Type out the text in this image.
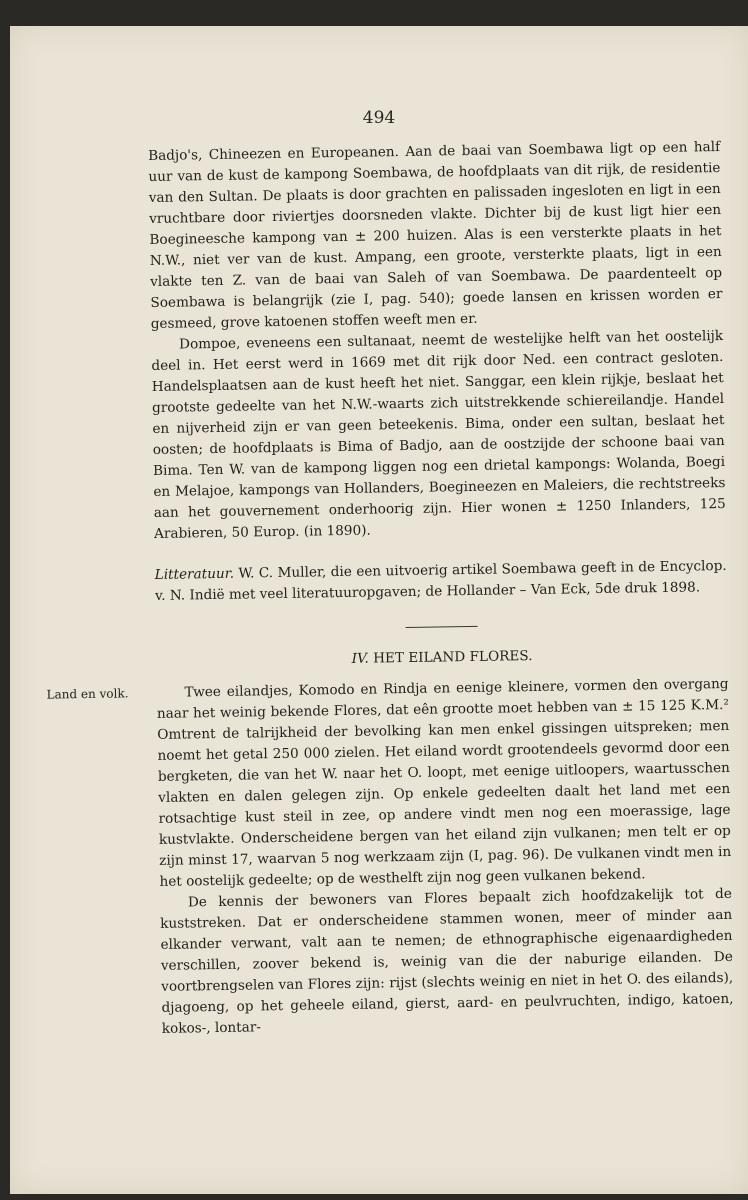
494

Badjo's, Chineezen en Europeanen. Aan de baai van Soembawa ligt op een half uur van de kust de kampong Soembawa, de hoofdplaats van dit rijk, de residentie van den Sultan. De plaats is door grachten en palissaden ingesloten en ligt in een vruchtbare door riviertjes doorsneden vlakte. Dichter bij de kust ligt hier een Boegineesche kampong van ± 200 huizen. Alas is een versterkte plaats in het N.W., niet ver van de kust. Ampang, een groote, versterkte plaats, ligt in een vlakte ten Z. van de baai van Saleh of van Soembawa. De paardenteelt op Soembawa is belangrijk (zie I, pag. 540); goede lansen en krissen worden er gesmeed, grove katoenen stoffen weeft men er.

Dompoe, eveneens een sultanaat, neemt de westelijke helft van het oostelijk deel in. Het eerst werd in 1669 met dit rijk door Ned. een contract gesloten. Handelsplaatsen aan de kust heeft het niet. Sanggar, een klein rijkje, beslaat het grootste gedeelte van het N.W.-waarts zich uitstrekkende schiereilandje. Handel en nijverheid zijn er van geen beteekenis. Bima, onder een sultan, beslaat het oosten; de hoofdplaats is Bima of Badjo, aan de oostzijde der schoone baai van Bima. Ten W. van de kampong liggen nog een drietal kampongs: Wolanda, Boegi en Melajoe, kampongs van Hollanders, Boegineezen en Maleiers, die rechtstreeks aan het gouvernement onderhoorig zijn. Hier wonen ± 1250 Inlanders, 125 Arabieren, 50 Europ. (in 1890).

Litteratuur. W. C. Muller, die een uitvoerig artikel Soembawa geeft in de Encyclop. v. N. Indië met veel literatuuropgaven; de Hollander – Van Eck, 5de druk 1898.

IV. HET EILAND FLORES.

Land en volk.	Twee eilandjes, Komodo en Rindja en eenige kleinere, vormen den overgang naar het weinig bekende Flores, dat eên grootte moet hebben van ± 15 125 K.M.² Omtrent de talrijkheid der bevolking kan men enkel gissingen uitspreken; men noemt het getal 250 000 zielen. Het eiland wordt grootendeels gevormd door een bergketen, die van het W. naar het O. loopt, met eenige uitloopers, waartusschen vlakten en dalen gelegen zijn. Op enkele gedeelten daalt het land met een rotsachtige kust steil in zee, op andere vindt men nog een moerassige, lage kustvlakte. Onderscheidene bergen van het eiland zijn vulkanen; men telt er op zijn minst 17, waarvan 5 nog werkzaam zijn (I, pag. 96). De vulkanen vindt men in het oostelijk gedeelte; op de westhelft zijn nog geen vulkanen bekend.

De kennis der bewoners van Flores bepaalt zich hoofdzakelijk tot de kuststreken. Dat er onderscheidene stammen wonen, meer of minder aan elkander verwant, valt aan te nemen; de ethnographische eigenaardigheden verschillen, zoover bekend is, weinig van die der naburige eilanden. De voortbrengselen van Flores zijn: rijst (slechts weinig en niet in het O. des eilands), djagoeng, op het geheele eiland, gierst, aard- en peulvruchten, indigo, katoen, kokos-, lontar-
